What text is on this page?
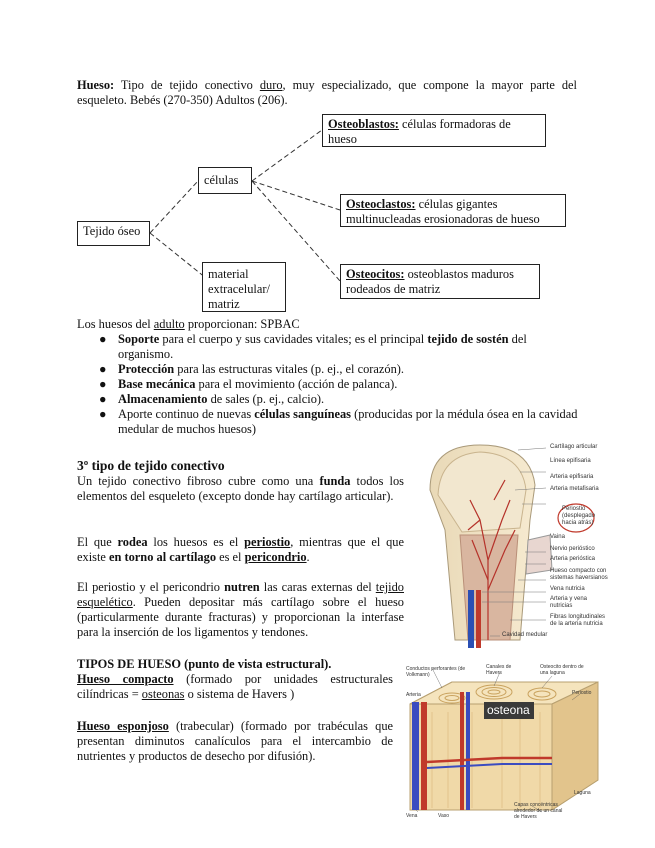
Hueso: Tipo de tejido conectivo duro, muy especializado, que compone la mayor parte del esqueleto. Bebés (270-350) Adultos (206).
Tejido óseo
células
material extracelular/ matriz
Osteoblastos: células formadoras de hueso
Osteoclastos: células gigantes multinucleadas erosionadoras de hueso
Osteocitos: osteoblastos maduros rodeados de matriz
Los huesos del adulto proporcionan: SPBAC
● Soporte para el cuerpo y sus cavidades vitales; es el principal tejido de sostén del organismo.
● Protección para las estructuras vitales (p. ej., el corazón).
● Base mecánica para el movimiento (acción de palanca).
● Almacenamiento de sales (p. ej., calcio).
● Aporte continuo de nuevas células sanguíneas (producidas por la médula ósea en la cavidad medular de muchos huesos)
3º tipo de tejido conectivo
Un tejido conectivo fibroso cubre como una funda todos los elementos del esqueleto (excepto donde hay cartílago articular).
El que rodea los huesos es el periostio, mientras que el que existe en torno al cartílago es el pericondrio.
El periostio y el pericondrio nutren las caras externas del tejido esquelético. Pueden depositar más cartílago sobre el hueso (particularmente durante fracturas) y proporcionan la interfase para la inserción de los ligamentos y tendones.
TIPOS DE HUESO (punto de vista estructural).
Hueso compacto (formado por unidades estructurales cilíndricas = osteonas o sistema de Havers )
Hueso esponjoso (trabecular) (formado por trabéculas que presentan diminutos canalículos para el intercambio de nutrientes y productos de desecho por difusión).
Cartílago articular
Línea epifisaria
Arteria epifisaria
Arteria metafisaria
Periostio (desplegado hacia atrás)
Vaina
Nervio perióstico
Arteria perióstica
Hueso compacto con sistemas haversianos
Vena nutricia
Arteria y vena nutricias
Fibras longitudinales de la arteria nutricia
Cavidad medular
osteona
Conductos perforantes (de Volkmann)
Canales de Havers
Osteocito dentro de una laguna
Periostio
Vena
Arteria
Vaso
Laguna
Capas concéntricas alrededor de un canal de Havers
